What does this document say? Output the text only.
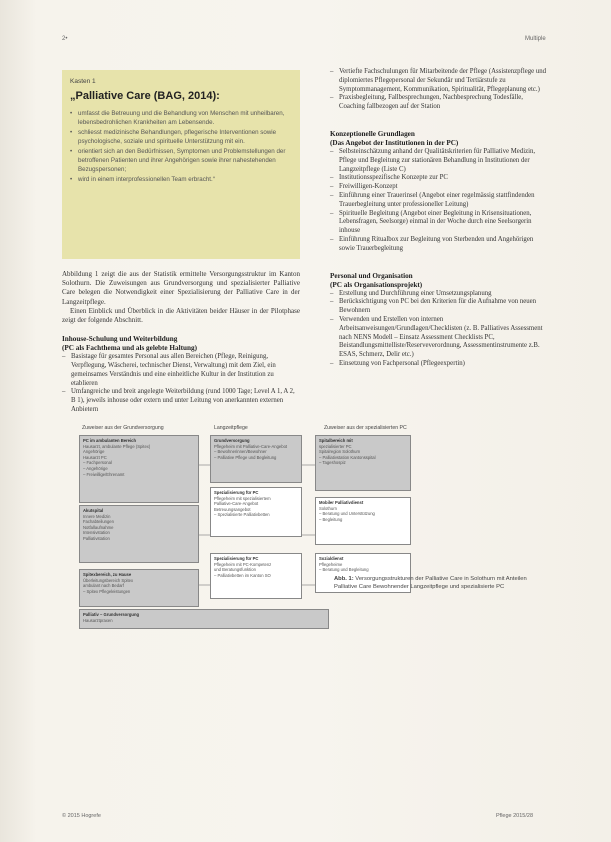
2•	Multiple
Kasten 1
„Palliative Care (BAG, 2014):
• umfasst die Betreuung und die Behandlung von Menschen mit unheilbaren, lebensbedrohlichen Krankheiten am Lebensende.
• schliesst medizinische Behandlungen, pflegerische Interventionen sowie psychologische, soziale und spirituelle Unterstützung mit ein.
• orientiert sich an den Bedürfnissen, Symptomen und Problemstellungen der betroffenen Patienten und ihrer Angehörigen sowie ihrer nahestehenden Bezugspersonen;
• wird in einem interprofessionellen Team erbracht.“
Abbildung 1 zeigt die aus der Statistik ermittelte Versorgungsstruktur im Kanton Solothurn. Die Zuweisungen aus Grundversorgung und spezialisierter Palliative Care belegen die Notwendigkeit einer Spezialisierung der Palliative Care in der Langzeitpflege.
Einen Einblick und Überblick in die Aktivitäten beider Häuser in der Pilotphase zeigt der folgende Abschnitt.
Inhouse-Schulung und Weiterbildung
(PC als Fachthema und als gelebte Haltung)
– Basistage für gesamtes Personal aus allen Bereichen (Pflege, Reinigung, Verpflegung, Wäscherei, technischer Dienst, Verwaltung) mit dem Ziel, ein gemeinsames Verständnis und eine einheitliche Kultur in der Institution zu etablieren
– Umfangreiche und breit angelegte Weiterbildung (rund 1000 Tage; Level A 1, A 2, B 1), jeweils inhouse oder extern und unter Leitung von anerkannten externen Anbietern
– Vertiefte Fachschulungen für Mitarbeitende der Pflege (Assistenzpflege und diplomiertes Pflegepersonal der Sekundär und Tertiärstufe zu Symptommanagement, Kommunikation, Spiritualität, Pflegeplanung etc.)
– Praxisbegleitung, Fallbesprechungen, Nachbesprechung Todesfälle, Coaching fallbezogen auf der Station
Konzeptionelle Grundlagen
(Das Angebot der Institutionen in der PC)
– Selbsteinschätzung anhand der Qualitätskriterien für Palliative Medizin, Pflege und Begleitung zur stationären Behandlung in Institutionen der Langzeitpflege (Liste C)
– Institutionsspezifische Konzepte zur PC
– Freiwilligen-Konzept
– Einführung einer Trauerinsel (Angebot einer regelmässig stattfindenden Trauerbegleitung unter professioneller Leitung)
– Spirituelle Begleitung (Angebot einer Begleitung in Krisensituationen, Lebensfragen, Seelsorge) einmal in der Woche durch eine Seelsorgerin inhouse
– Einführung Ritualbox zur Begleitung von Sterbenden und Angehörigen sowie Trauerbegleitung
Personal und Organisation
(PC als Organisationsprojekt)
– Erstellung und Durchführung einer Umsetzungsplanung
– Berücksichtigung von PC bei den Kriterien für die Aufnahme von neuen Bewohnern
– Verwenden und Erstellen von internen Arbeitsanweisungen/Grundlagen/Checklisten (z. B. Palliatives Assessment nach NENS Modell – Einsatz Assessment Checklists PC, Beistandlungsmittelliste/Reserveverordnung, Assessmentinstrumente z.B. ESAS, Schmerz, Delir etc.)
– Einsetzung von Fachpersonal (Pflegeexpertin)
Zuweiser aus der Grundversorgung	Langzeitpflege	Zuweiser aus der spezialisierten PC
PC im ambulanten Bereich
Hausarzt, ambulante Pflege (Spitex)
Angehörige
Hausarzt PC
– Fachpersonal
– Angehörige
– Freiwillige/Ehrenamt
Akutspital
Innere Medizin
Fachabteilungen
Notfallaufnahme
Intensivstation
Palliativstation
Spitexbereich, zu Hause
Überleitungsbereich Spitex
ambulant nach Bedarf
– Spitex Pflegeleistungen
Palliativ – Grundversorgung
Hausarztpraxen
Grundversorgung
Pflegeheim mit Palliative-Care-Angebot
– Bewohnerinnen/Bewohner
– Palliative Pflege und Begleitung
Spezialisierung für PC
Pflegeheim mit spezialisiertem
Palliative-Care-Angebot
Betreuungsangebot
– Spezialisierte Palliativbetten
Spezialisierung für PC
Pflegeheim mit PC-Kompetenz
und Beratungsfunktion
– Palliativbetten im Kanton SO
Spitalbereich mit
spezialisierter PC
Spitalregion Solothurn
– Palliativstation Kantonsspital
– Tageshospiz
Mobiler Palliativdienst
Solothurn
– Beratung und Unterstützung
– Begleitung
Sozialdienst
Pflegeheime
– Beratung und Begleitung
Abb. 1: Versorgungsstrukturen der Palliative Care in Solothurn mit Anteilen Palliative Care Bewohnender Langzeitpflege und spezialisierte PC
© 2015 Hogrefe	Pflege 2015/28
